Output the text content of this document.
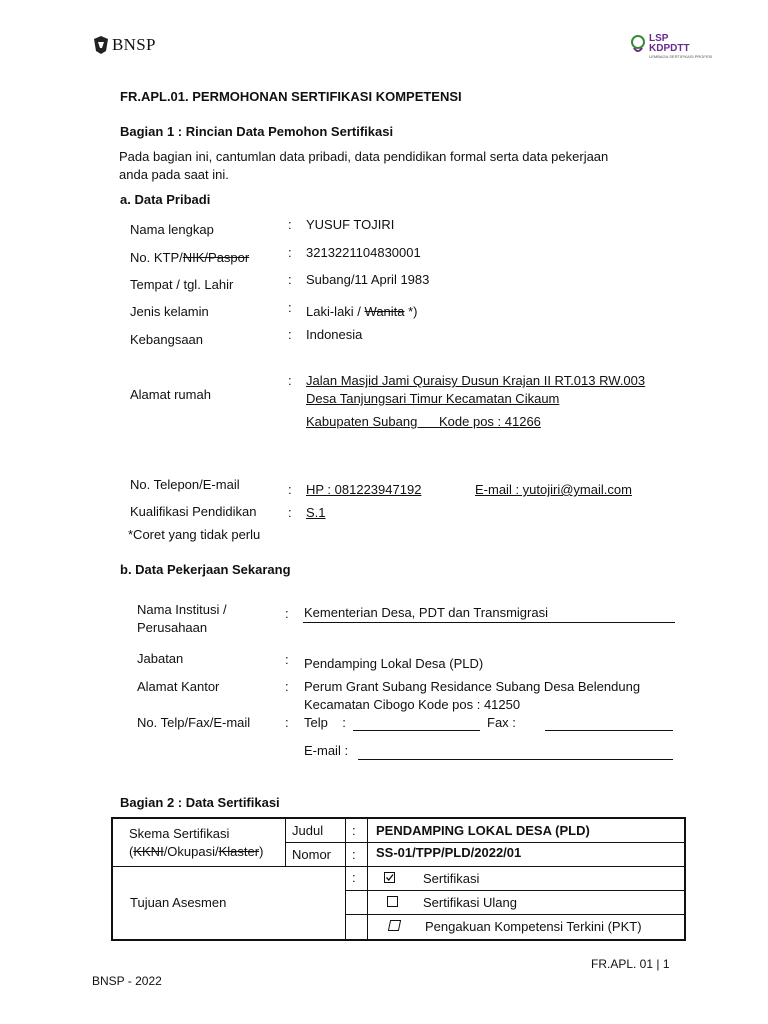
BNSP	LSP
KDPDTT
LEMBAGA SERTIFIKASI PROFESI
FR.APL.01. PERMOHONAN SERTIFIKASI KOMPETENSI
Bagian 1 : Rincian Data Pemohon Sertifikasi
Pada bagian ini, cantumlan data pribadi, data pendidikan formal serta data pekerjaan
anda pada saat ini.
a. Data Pribadi
Nama lengkap	: YUSUF TOJIRI
No. KTP/NIK/Paspor	: 3213221104830001
Tempat / tgl. Lahir	: Subang/11 April 1983
Jenis kelamin	: Laki-laki / Wanita *)
Kebangsaan	: Indonesia
Alamat rumah
: Jalan Masjid Jami Quraisy Dusun Krajan II RT.013 RW.003
Desa Tanjungsari Timur Kecamatan Cikaum
Kabupaten Subang      Kode pos : 41266
No. Telepon/E-mail	: HP : 081223947192	E-mail : yutojiri@ymail.com
Kualifikasi Pendidikan : S.1
*Coret yang tidak perlu
b. Data Pekerjaan Sekarang
Nama Institusi /
Perusahaan
: Kementerian Desa, PDT dan Transmigrasi
Jabatan	: Pendamping Lokal Desa (PLD)
Alamat Kantor	: Perum Grant Subang Residance Subang Desa Belendung
Kecamatan Cibogo Kode pos : 41250
No. Telp/Fax/E-mail	: Telp    :	Fax :
E-mail :
Bagian 2 : Data Sertifikasi
Skema Sertifikasi
(KKNI/Okupasi/Klaster)
Judul : PENDAMPING LOKAL DESA (PLD)
Nomor : SS-01/TPP/PLD/2022/01
Tujuan Asesmen
:	Sertifikasi
Sertifikasi Ulang
Pengakuan Kompetensi Terkini (PKT)
FR.APL. 01 | 1
BNSP - 2022
